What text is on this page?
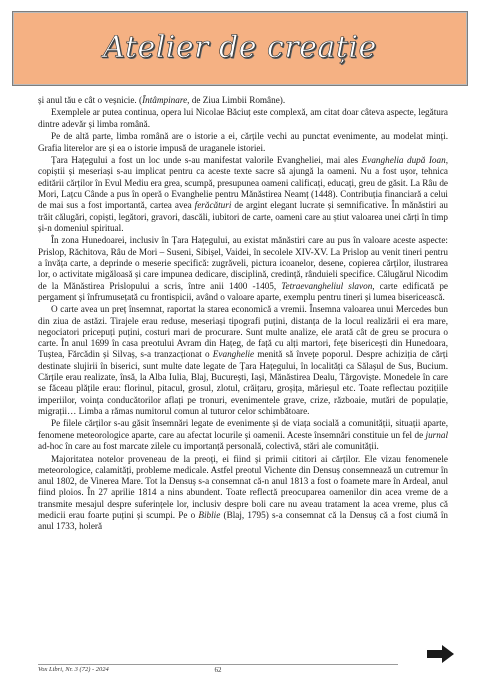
Atelier de creație

și anul tău e cât o veșnicie. (Întâmpinare, de Ziua Limbii Române).

Exemplele ar putea continua, opera lui Nicolae Băciuț este complexă, am citat doar câteva aspecte, legătura dintre adevăr și limba română.

Pe de altă parte, limba română are o istorie a ei, cărțile vechi au punctat evenimente, au modelat minți. Grafia literelor are și ea o istorie impusă de uraganele istoriei.

Țara Hațegului a fost un loc unde s-au manifestat valorile Evangheliei, mai ales Evanghelia după Ioan, copiștii și meseriași s-au implicat pentru ca aceste texte sacre să ajungă la oameni. Nu a fost ușor, tehnica editării cărților în Evul Mediu era grea, scumpă, presupunea oameni calificați, educați, greu de găsit. La Râu de Mori, Lațcu Cânde a pus în operă o Evanghelie pentru Mănăstirea Neamț (1448). Contribuția financiară a celui de mai sus a fost importantă, cartea avea ferăcături de argint elegant lucrate și semnificative. În mănăstiri au trăit călugări, copiști, legători, gravori, dascăli, iubitori de carte, oameni care au știut valoarea unei cărți în timp și-n domeniul spiritual.

În zona Hunedoarei, inclusiv în Țara Hațegului, au existat mănăstiri care au pus în valoare aceste aspecte: Prislop, Răchitova, Râu de Mori – Suseni, Sibișel, Vaidei, în secolele XIV-XV. La Prislop au venit tineri pentru a învăța carte, a deprinde o meserie specifică: zugrăveli, pictura icoanelor, desene, copierea cărților, ilustrarea lor, o activitate migăloasă și care impunea dedicare, disciplină, credință, rânduieli specifice. Călugărul Nicodim de la Mănăstirea Prislopului a scris, între anii 1400 -1405, Tetraevangheliul slavon, carte edificată pe pergament și înfrumusețată cu frontispicii, având o valoare aparte, exemplu pentru tineri și lumea bisericească.

O carte avea un preț însemnat, raportat la starea economică a vremii. Însemna valoarea unui Mercedes bun din ziua de astăzi. Tirajele erau reduse, meseriași tipografi puțini, distanța de la locul realizării ei era mare, negociatori pricepuți puțini, costuri mari de procurare. Sunt multe analize, ele arată cât de greu se procura o carte. În anul 1699 în casa preotului Avram din Hațeg, de față cu alți martori, fețe bisericești din Hunedoara, Tuștea, Fărcădin și Silvaș, s-a tranzacționat o Evanghelie menită să învețe poporul. Despre achiziția de cărți destinate slujirii în biserici, sunt multe date legate de Țara Hațegului, în localități ca Sălașul de Sus, Bucium. Cărțile erau realizate, însă, la Alba Iulia, Blaj, București, Iași, Mănăstirea Dealu, Târgoviște. Monedele în care se făceau plățile erau: florinul, pitacul, grosul, zlotul, crăițaru, groșița, mărieșul etc. Toate reflectau pozițiile imperiilor, voința conducătorilor aflați pe tronuri, evenimentele grave, crize, războaie, mutări de populație, migrații… Limba a rămas numitorul comun al tuturor celor schimbătoare.

Pe filele cărților s-au găsit însemnări legate de evenimente și de viața socială a comunității, situații aparte, fenomene meteorologice aparte, care au afectat locurile și oamenii. Aceste însemnări constituie un fel de jurnal ad-hoc în care au fost marcate zilele cu importanță personală, colectivă, stări ale comunității.

Majoritatea notelor proveneau de la preoți, ei fiind și primii cititori ai cărților. Ele vizau fenomenele meteorologice, calamități, probleme medicale. Astfel preotul Vichente din Densuș consemnează un cutremur în anul 1802, de Vinerea Mare. Tot la Densuș s-a consemnat că-n anul 1813 a fost o foamete mare în Ardeal, anul fiind ploios. În 27 aprilie 1814 a nins abundent. Toate reflectă preocuparea oamenilor din acea vreme de a transmite mesajul despre suferințele lor, inclusiv despre boli care nu aveau tratament la acea vreme, plus că medicii erau foarte puțini și scumpi. Pe o Biblie (Blaj, 1795) s-a consemnat că la Densuș că a fost ciumă în anul 1733, holeră

Vox Libri, Nr. 3 (72) - 2024	62
